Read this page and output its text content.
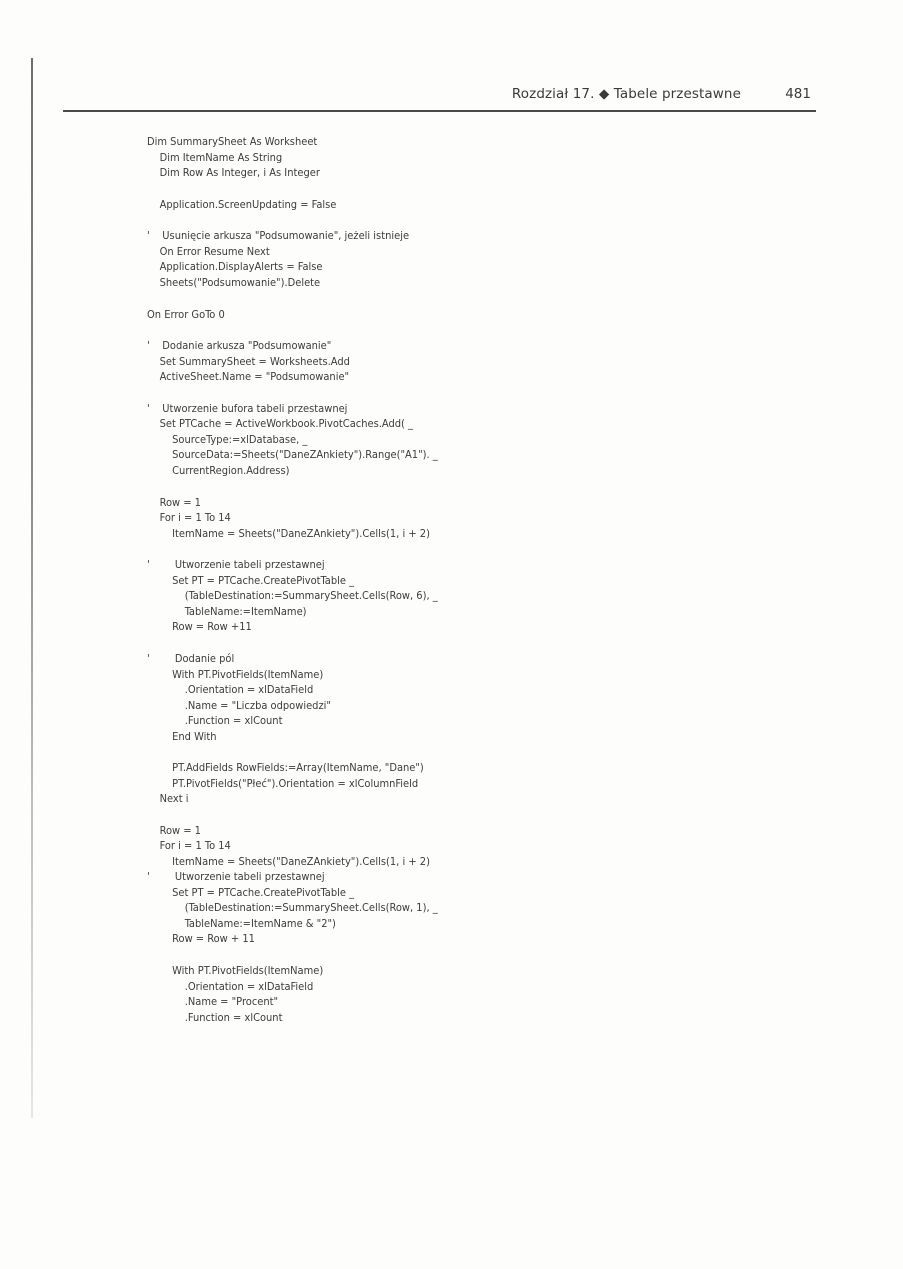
Rozdział 17. ◆ Tabele przestawne	481
Dim SummarySheet As Worksheet
Dim ItemName As String
Dim Row As Integer, i As Integer
Application.ScreenUpdating = False
'    Usunięcie arkusza "Podsumowanie", jeżeli istnieje
On Error Resume Next
Application.DisplayAlerts = False
Sheets("Podsumowanie").Delete
On Error GoTo 0
'    Dodanie arkusza "Podsumowanie"
Set SummarySheet = Worksheets.Add
ActiveSheet.Name = "Podsumowanie"
'    Utworzenie bufora tabeli przestawnej
Set PTCache = ActiveWorkbook.PivotCaches.Add( _
SourceType:=xlDatabase, _
SourceData:=Sheets("DaneZAnkiety").Range("A1"). _
CurrentRegion.Address)
Row = 1
For i = 1 To 14
ItemName = Sheets("DaneZAnkiety").Cells(1, i + 2)
'        Utworzenie tabeli przestawnej
Set PT = PTCache.CreatePivotTable _
(TableDestination:=SummarySheet.Cells(Row, 6), _
TableName:=ItemName)
Row = Row +11
'        Dodanie pól
With PT.PivotFields(ItemName)
.Orientation = xlDataField
.Name = "Liczba odpowiedzi"
.Function = xlCount
End With
PT.AddFields RowFields:=Array(ItemName, "Dane")
PT.PivotFields("Płeć").Orientation = xlColumnField
Next i
Row = 1
For i = 1 To 14
ItemName = Sheets("DaneZAnkiety").Cells(1, i + 2)
'        Utworzenie tabeli przestawnej
Set PT = PTCache.CreatePivotTable _
(TableDestination:=SummarySheet.Cells(Row, 1), _
TableName:=ItemName & "2")
Row = Row + 11
With PT.PivotFields(ItemName)
.Orientation = xlDataField
.Name = "Procent"
.Function = xlCount
